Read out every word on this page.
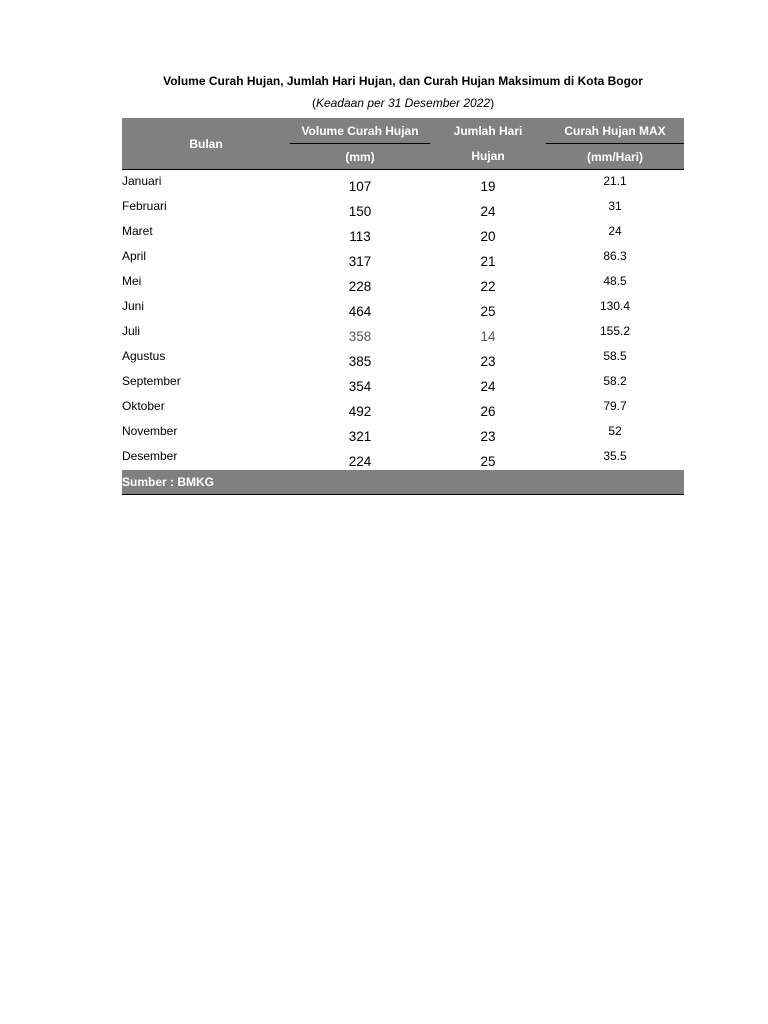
Volume Curah Hujan, Jumlah Hari Hujan, dan Curah Hujan Maksimum di Kota Bogor

(Keadaan per 31 Desember 2022)

Bulan	Volume Curah Hujan	Jumlah Hari	Curah Hujan MAX
	(mm)	Hujan	(mm/Hari)
Januari	107	19	21.1
Februari	150	24	31
Maret	113	20	24
April	317	21	86.3
Mei	228	22	48.5
Juni	464	25	130.4
Juli	358	14	155.2
Agustus	385	23	58.5
September	354	24	58.2
Oktober	492	26	79.7
November	321	23	52
Desember	224	25	35.5
Sumber : BMKG			
